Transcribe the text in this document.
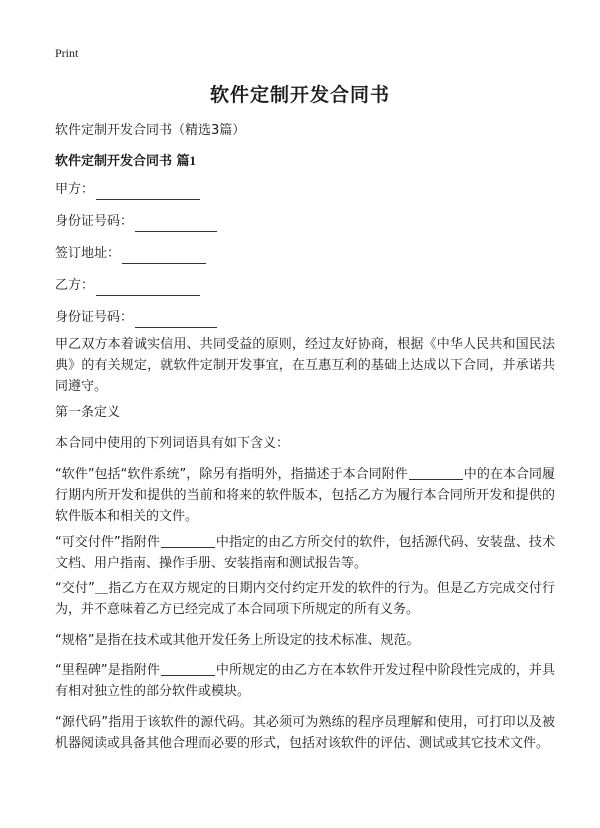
Print
软件定制开发合同书
软件定制开发合同书（精选3篇）
软件定制开发合同书 篇1
甲方：
身份证号码：
签订地址：
乙方：
身份证号码：
甲乙双方本着诚实信用、共同受益的原则，经过友好协商，根据《中华人民共和国民法典》的有关规定，就软件定制开发事宜，在互惠互利的基础上达成以下合同，并承诺共同遵守。
第一条定义
本合同中使用的下列词语具有如下含义：
“软件”包括“软件系统”，除另有指明外，指描述于本合同附件	中的在本合同履行期内所开发和提供的当前和将来的软件版本，包括乙方为履行本合同所开发和提供的软件版本和相关的文件。
“可交付件”指附件	中指定的由乙方所交付的软件，包括源代码、安装盘、技术文档、用户指南、操作手册、安装指南和测试报告等。
“交付”＿指乙方在双方规定的日期内交付约定开发的软件的行为。但是乙方完成交付行为，并不意味着乙方已经完成了本合同项下所规定的所有义务。
“规格”是指在技术或其他开发任务上所设定的技术标准、规范。
“里程碑”是指附件	中所规定的由乙方在本软件开发过程中阶段性完成的，并具有相对独立性的部分软件或模块。
“源代码”指用于该软件的源代码。其必须可为熟练的程序员理解和使用，可打印以及被机器阅读或具备其他合理而必要的形式，包括对该软件的评估、测试或其它技术文件。
